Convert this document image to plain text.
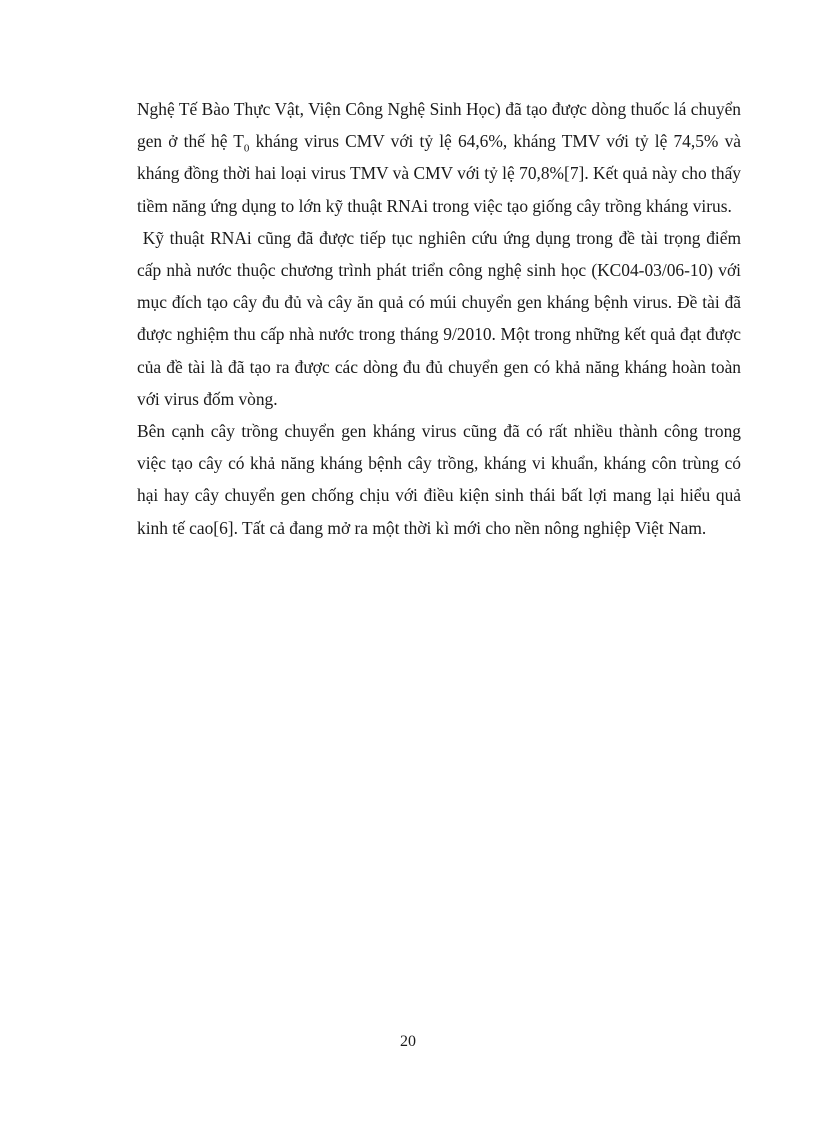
Nghệ Tế Bào Thực Vật, Viện Công Nghệ Sinh Học) đã tạo được dòng thuốc lá chuyển gen ở thế hệ $T_0$ kháng virus CMV với tỷ lệ 64,6%, kháng TMV với tỷ lệ 74,5% và kháng đồng thời hai loại virus TMV và CMV với tỷ lệ 70,8%[7]. Kết quả này cho thấy tiềm năng ứng dụng to lớn kỹ thuật RNAi trong việc tạo giống cây trồng kháng virus.

Kỹ thuật RNAi cũng đã được tiếp tục nghiên cứu ứng dụng trong đề tài trọng điểm cấp nhà nước thuộc chương trình phát triển công nghệ sinh học (KC04-03/06-10) với mục đích tạo cây đu đủ và cây ăn quả có múi chuyển gen kháng bệnh virus. Đề tài đã được nghiệm thu cấp nhà nước trong tháng 9/2010. Một trong những kết quả đạt được của đề tài là đã tạo ra được các dòng đu đủ chuyển gen có khả năng kháng hoàn toàn với virus đốm vòng.

Bên cạnh cây trồng chuyển gen kháng virus cũng đã có rất nhiều thành công trong việc tạo cây có khả năng kháng bệnh cây trồng, kháng vi khuẩn, kháng côn trùng có hại hay cây chuyển gen chống chịu với điều kiện sinh thái bất lợi mang lại hiểu quả kinh tế cao[6]. Tất cả đang mở ra một thời kì mới cho nền nông nghiệp Việt Nam.

20
